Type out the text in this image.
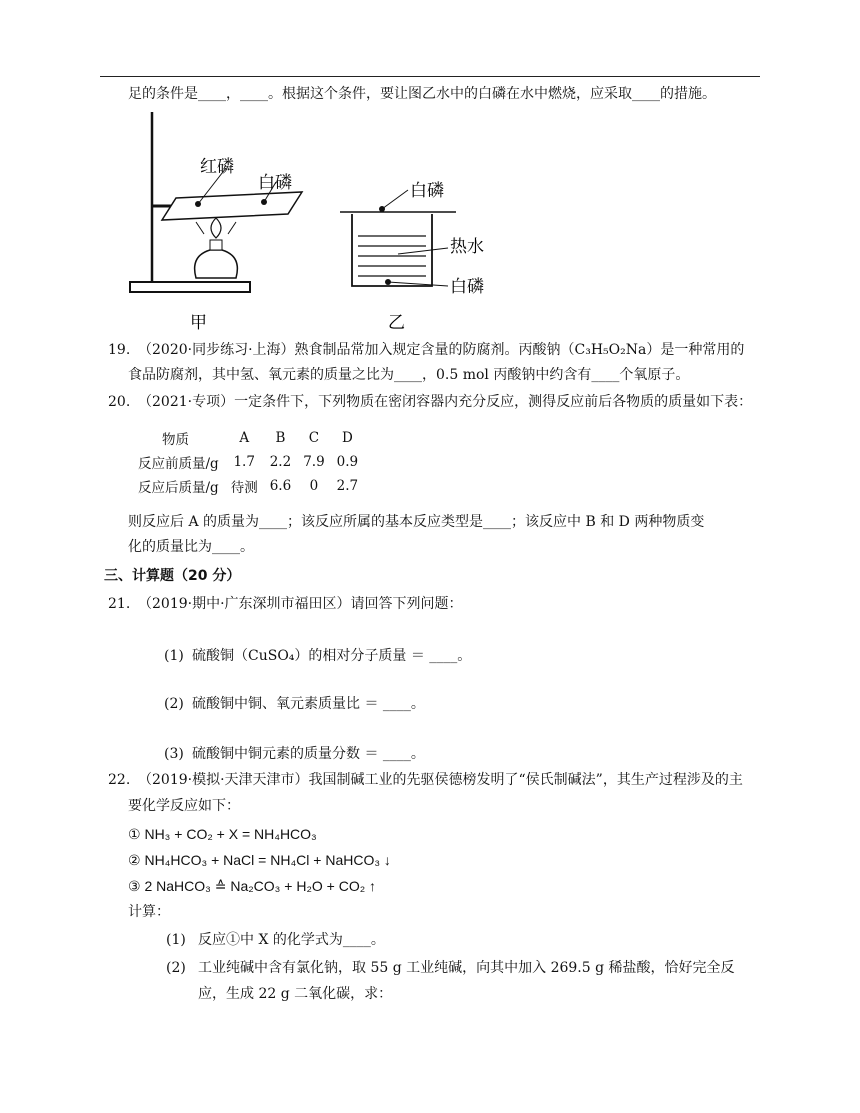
足的条件是____，____。根据这个条件，要让图乙水中的白磷在水中燃烧，应采取____的措施。
红磷
白磷	白磷
热水
白磷
甲	乙
19. （2020·同步练习·上海）熟食制品常加入规定含量的防腐剂。丙酸钠（C₃H₅O₂Na）是一种常用的
食品防腐剂，其中氢、氧元素的质量之比为____，0.5 mol 丙酸钠中约含有____个氧原子。
20. （2021·专项）一定条件下，下列物质在密闭容器内充分反应，测得反应前后各物质的质量如下表：
物质	A	B	C	D
反应前质量/g	1.7	2.2	7.9	0.9
反应后质量/g	待测	6.6	0	2.7
则反应后 A 的质量为____；该反应所属的基本反应类型是____；该反应中 B 和 D 两种物质变
化的质量比为____。
三、计算题（20 分）
21. （2019·期中·广东深圳市福田区）请回答下列问题：
(1) 硫酸铜（CuSO₄）的相对分子质量 ＝ ____。
(2) 硫酸铜中铜、氧元素质量比 ＝ ____。
(3) 硫酸铜中铜元素的质量分数 ＝ ____。
22. （2019·模拟·天津天津市）我国制碱工业的先驱侯德榜发明了“侯氏制碱法”，其生产过程涉及的主
要化学反应如下：
① NH₃ + CO₂ + X = NH₄HCO₃
② NH₄HCO₃ + NaCl = NH₄Cl + NaHCO₃ ↓
③ 2 NaHCO₃ ≙ Na₂CO₃ + H₂O + CO₂ ↑
计算：
(1) 反应①中 X 的化学式为____。
(2) 工业纯碱中含有氯化钠，取 55 g 工业纯碱，向其中加入 269.5 g 稀盐酸，恰好完全反
应，生成 22 g 二氧化碳，求：
